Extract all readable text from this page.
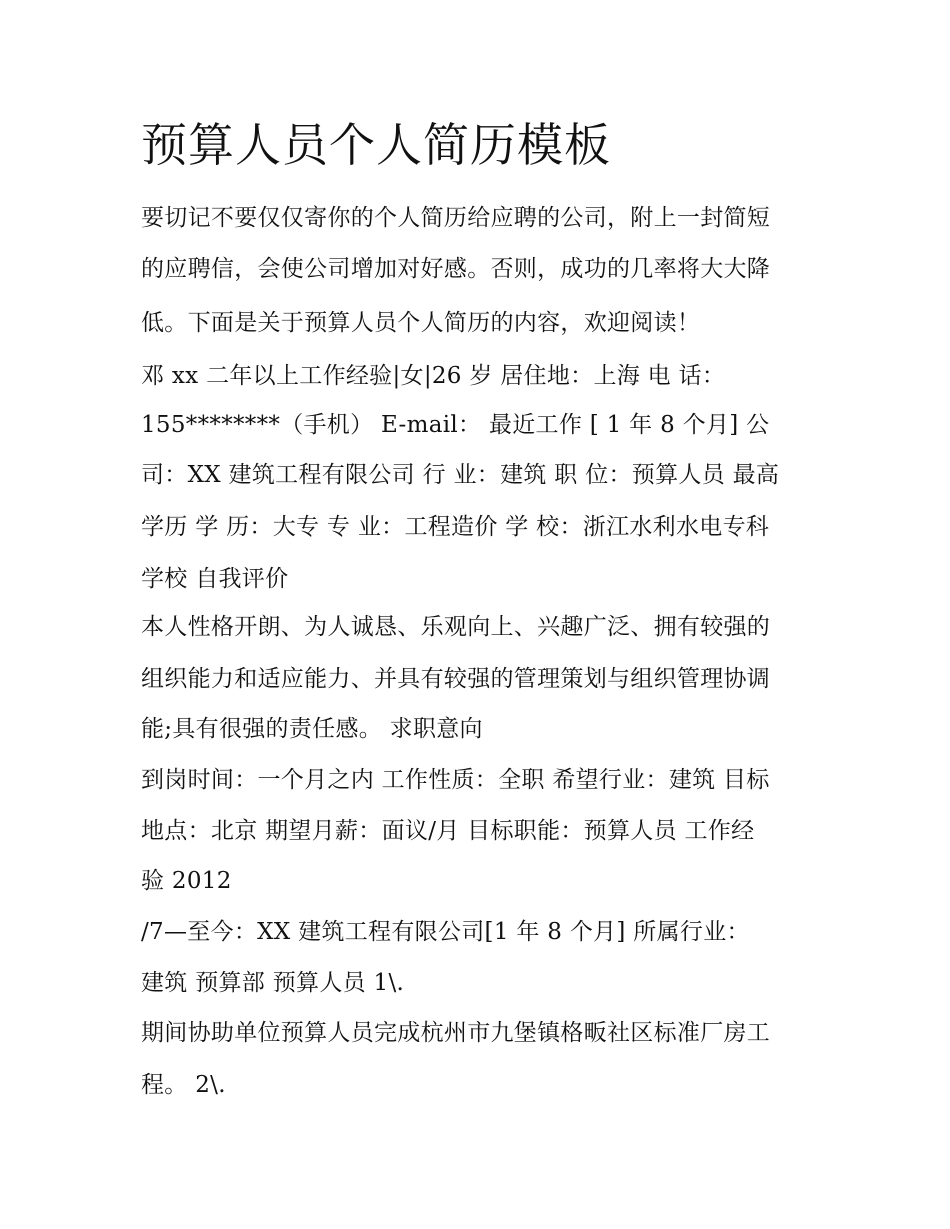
预算人员个人简历模板
要切记不要仅仅寄你的个人简历给应聘的公司，附上一封简短
的应聘信，会使公司增加对好感。否则，成功的几率将大大降
低。下面是关于预算人员个人简历的内容，欢迎阅读！
邓 xx 二年以上工作经验|女|26 岁 居住地：上海 电 话：
155********（手机） E-mail： 最近工作 [ 1 年 8 个月] 公
司：XX 建筑工程有限公司 行 业：建筑 职 位：预算人员 最高
学历 学 历：大专 专 业：工程造价 学 校：浙江水利水电专科
学校 自我评价
本人性格开朗、为人诚恳、乐观向上、兴趣广泛、拥有较强的
组织能力和适应能力、并具有较强的管理策划与组织管理协调
能;具有很强的责任感。 求职意向
到岗时间：一个月之内 工作性质：全职 希望行业：建筑 目标
地点：北京 期望月薪：面议/月 目标职能：预算人员 工作经
验 2012
/7—至今：XX 建筑工程有限公司[1 年 8 个月] 所属行业：
建筑 预算部 预算人员 1\.
期间协助单位预算人员完成杭州市九堡镇格畈社区标准厂房工
程。 2\.
